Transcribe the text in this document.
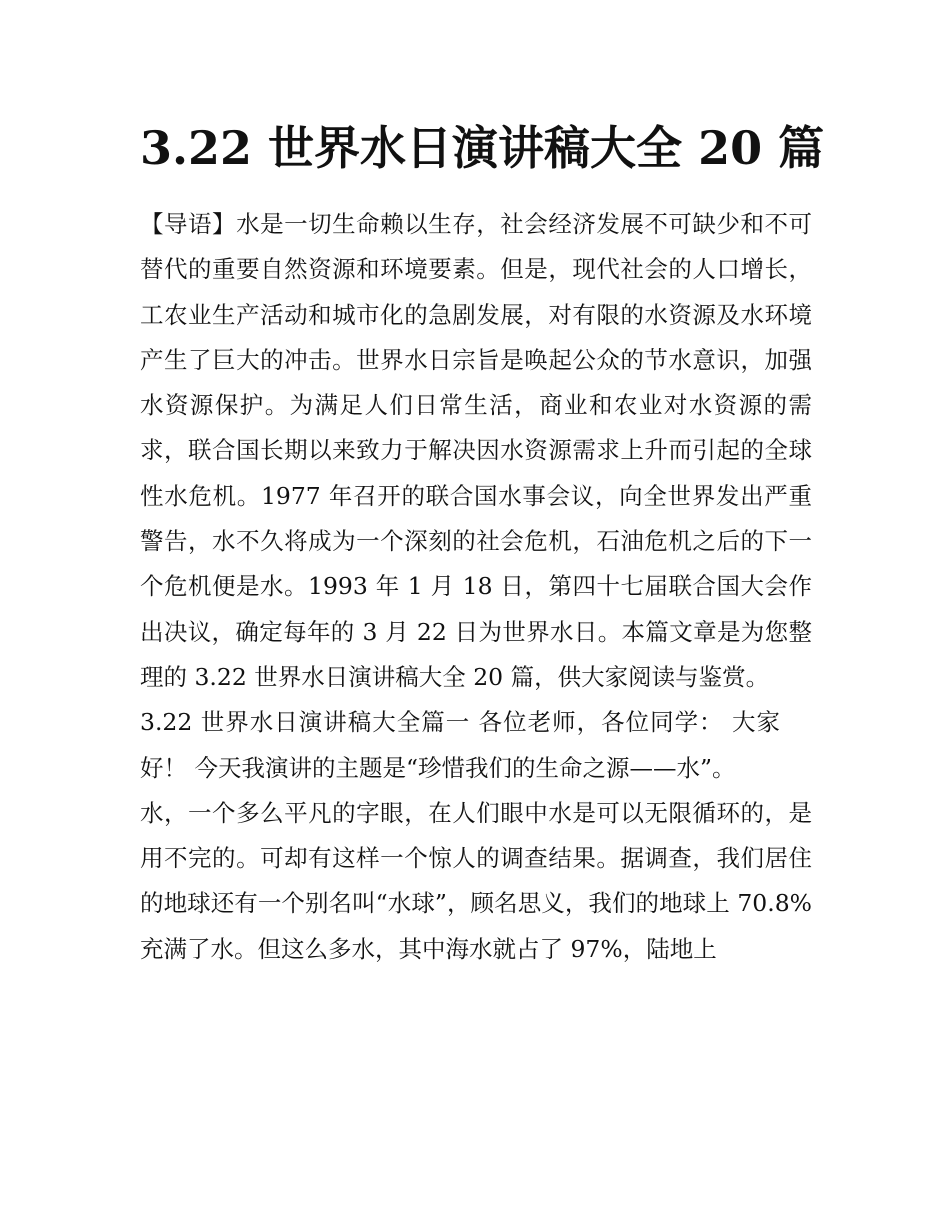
3.22 世界水日演讲稿大全 20 篇

【导语】水是一切生命赖以生存，社会经济发展不可缺少和不可替代的重要自然资源和环境要素。但是，现代社会的人口增长，工农业生产活动和城市化的急剧发展，对有限的水资源及水环境产生了巨大的冲击。世界水日宗旨是唤起公众的节水意识，加强水资源保护。为满足人们日常生活，商业和农业对水资源的需求，联合国长期以来致力于解决因水资源需求上升而引起的全球性水危机。1977 年召开的联合国水事会议，向全世界发出严重警告，水不久将成为一个深刻的社会危机，石油危机之后的下一个危机便是水。1993 年 1 月 18 日，第四十七届联合国大会作出决议，确定每年的 3 月 22 日为世界水日。本篇文章是为您整理的 3.22 世界水日演讲稿大全 20 篇，供大家阅读与鉴赏。

3.22 世界水日演讲稿大全篇一 各位老师，各位同学： 大家好！ 今天我演讲的主题是“珍惜我们的生命之源——水”。

水，一个多么平凡的字眼，在人们眼中水是可以无限循环的，是用不完的。可却有这样一个惊人的调查结果。据调查，我们居住的地球还有一个别名叫“水球”，顾名思义，我们的地球上 70.8%充满了水。但这么多水，其中海水就占了 97%，陆地上
